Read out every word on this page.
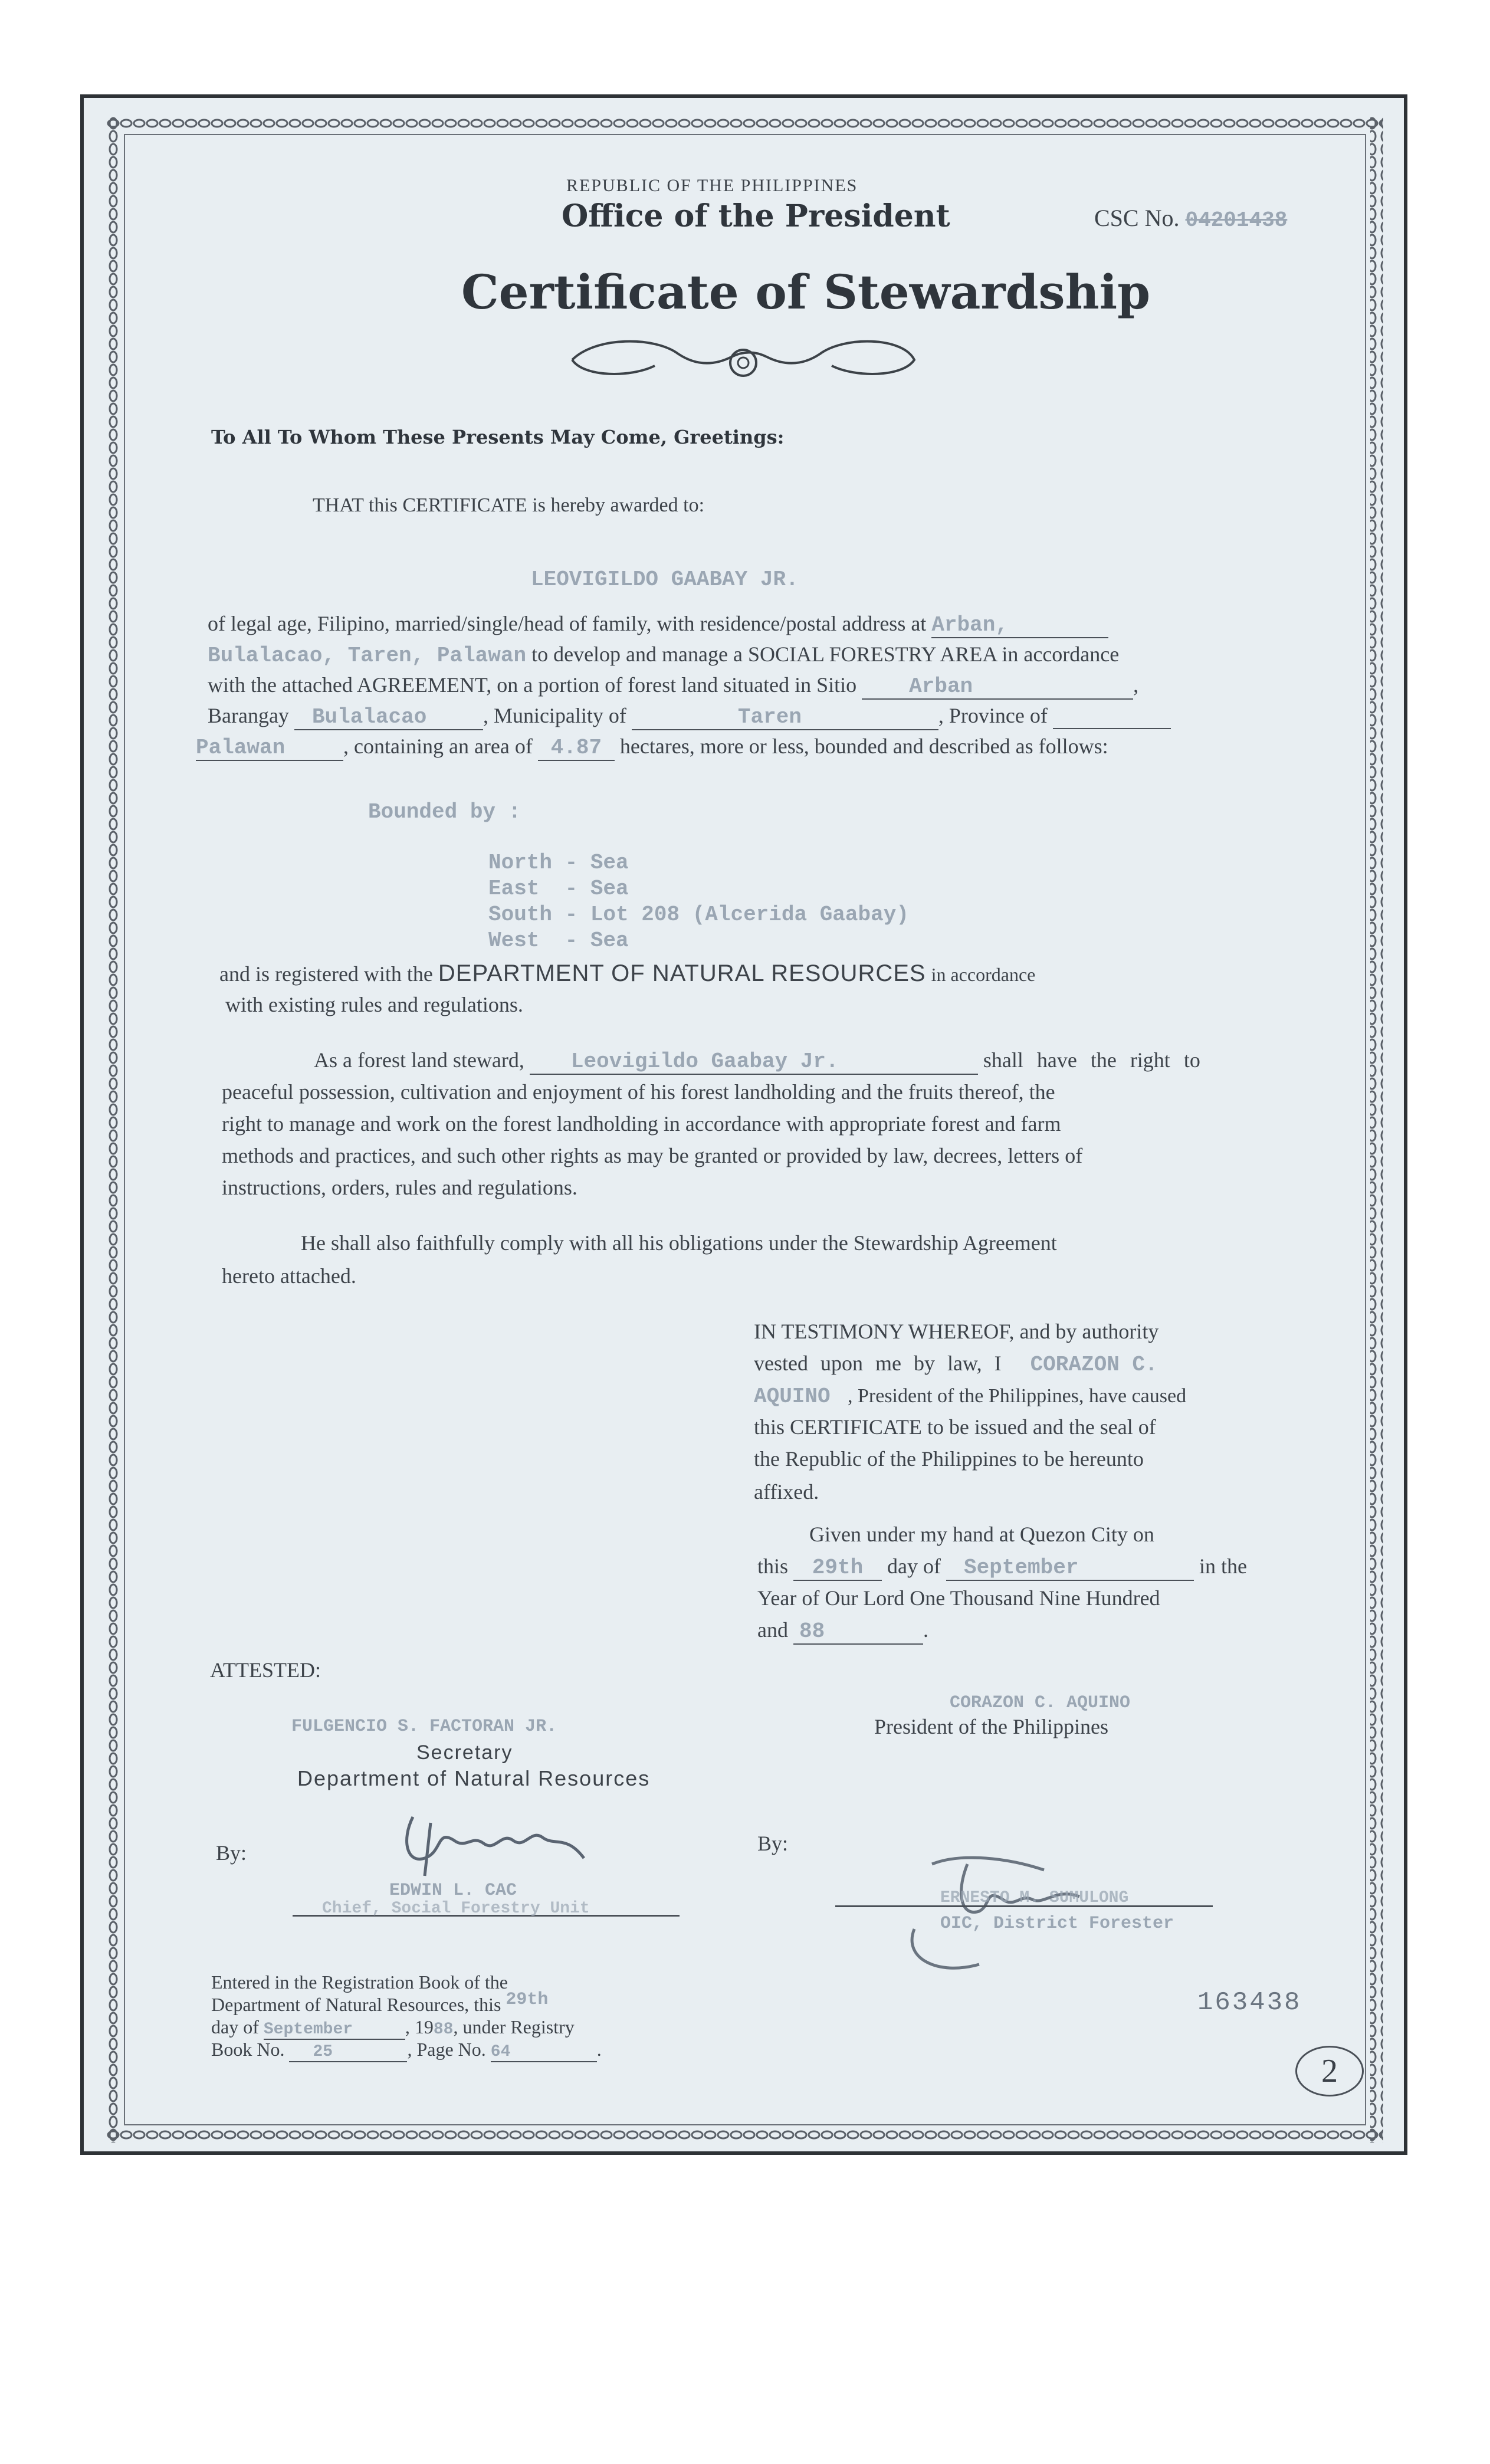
REPUBLIC OF THE PHILIPPINES
Office of the President	CSC No. 04201438
Certificate of Stewardship
To All To Whom These Presents May Come, Greetings:
THAT this CERTIFICATE is hereby awarded to:
LEOVIGILDO GAABAY JR.
of legal age, Filipino, married/single/head of family, with residence/postal address at Arban,
Bulalacao, Taren, Palawan to develop and manage a SOCIAL FORESTRY AREA in accordance
with the attached AGREEMENT, on a portion of forest land situated in Sitio Arban	,
Barangay Bulalacao	, Municipality of	Taren	, Province of
Palawan	, containing an area of 4.87 hectares, more or less, bounded and described as follows:
Bounded by :
North - Sea
East  - Sea
South - Lot 208 (Alcerida Gaabay)
West  - Sea
and is registered with the DEPARTMENT OF NATURAL RESOURCES in accordance
with existing rules and regulations.
As a forest land steward, Leovigildo Gaabay Jr.	shall have the right to
peaceful possession, cultivation and enjoyment of his forest landholding and the fruits thereof, the
right to manage and work on the forest landholding in accordance with appropriate forest and farm
methods and practices, and such other rights as may be granted or provided by law, decrees, letters of
instructions, orders, rules and regulations.
He shall also faithfully comply with all his obligations under the Stewardship Agreement
hereto attached.
IN TESTIMONY WHEREOF, and by authority
vested upon me by law, I CORAZON C.
AQUINO , President of the Philippines, have caused
this CERTIFICATE to be issued and the seal of
the Republic of the Philippines to be hereunto
affixed.
Given under my hand at Quezon City on
this 29th day of September	in the
Year of Our Lord One Thousand Nine Hundred
and 88	.
ATTESTED:
CORAZON C. AQUINO
President of the Philippines
FULGENCIO S. FACTORAN JR.
Secretary
Department of Natural Resources
By:	By:
EDWIN L. CAC
Chief, Social Forestry Unit
ERNESTO M. SUMULONG
OIC, District Forester
Entered in the Registration Book of the
Department of Natural Resources, this 29th
day of September	, 1988, under Registry
Book No. 25	, Page No. 64	.
163438
2
